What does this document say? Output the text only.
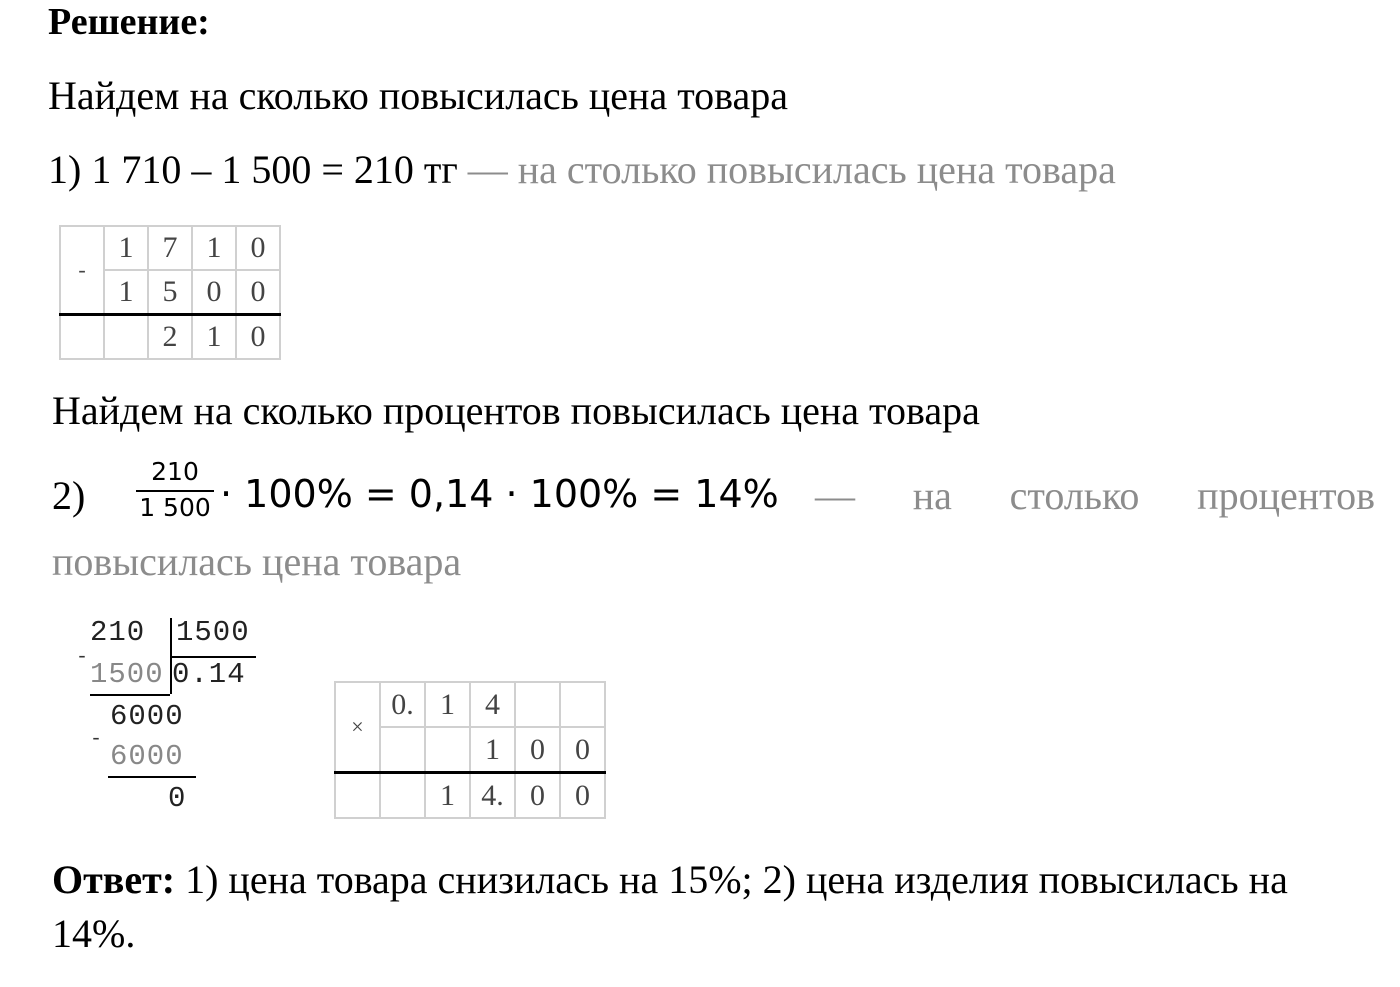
Решение:
Найдем на сколько повысилась цена товара
1) 1 710 – 1 500 = 210 тг — на столько повысилась цена товара
-	1	7	1	0
	1	5	0	0
		2	1	0
Найдем на сколько процентов повысилась цена товара
2)
210
1 500 · 100% = 0,14 · 100% = 14% — на столько процентов
повысилась цена товара
210 1500
-
1500 0.14
6000
-
6000
0
×	0.	1	4		
			1	0	0
		1	4.	0	0
Ответ: 1) цена товара снизилась на 15%; 2) цена изделия повысилась на
14%.
